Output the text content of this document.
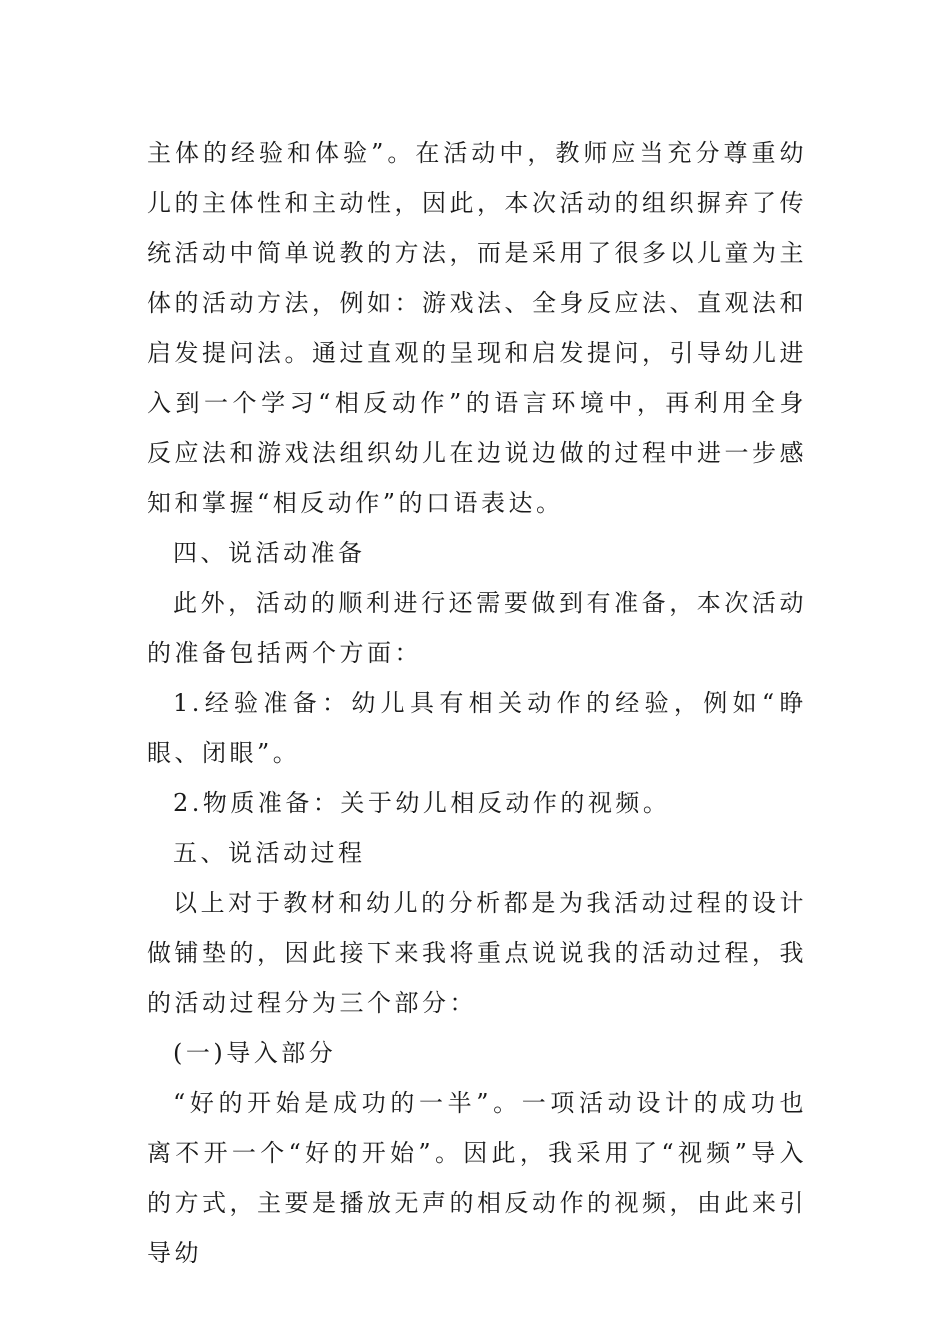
主体的经验和体验”。在活动中，教师应当充分尊重幼儿的主体性和主动性，因此，本次活动的组织摒弃了传统活动中简单说教的方法，而是采用了很多以儿童为主体的活动方法，例如：游戏法、全身反应法、直观法和启发提问法。通过直观的呈现和启发提问，引导幼儿进入到一个学习“相反动作”的语言环境中，再利用全身反应法和游戏法组织幼儿在边说边做的过程中进一步感知和掌握“相反动作”的口语表达。

四、说活动准备

此外，活动的顺利进行还需要做到有准备，本次活动的准备包括两个方面：

1.经验准备：幼儿具有相关动作的经验，例如“睁眼、闭眼”。

2.物质准备：关于幼儿相反动作的视频。

五、说活动过程

以上对于教材和幼儿的分析都是为我活动过程的设计做铺垫的，因此接下来我将重点说说我的活动过程，我的活动过程分为三个部分：

(一)导入部分

“好的开始是成功的一半”。一项活动设计的成功也离不开一个“好的开始”。因此，我采用了“视频”导入的方式，主要是播放无声的相反动作的视频，由此来引导幼
